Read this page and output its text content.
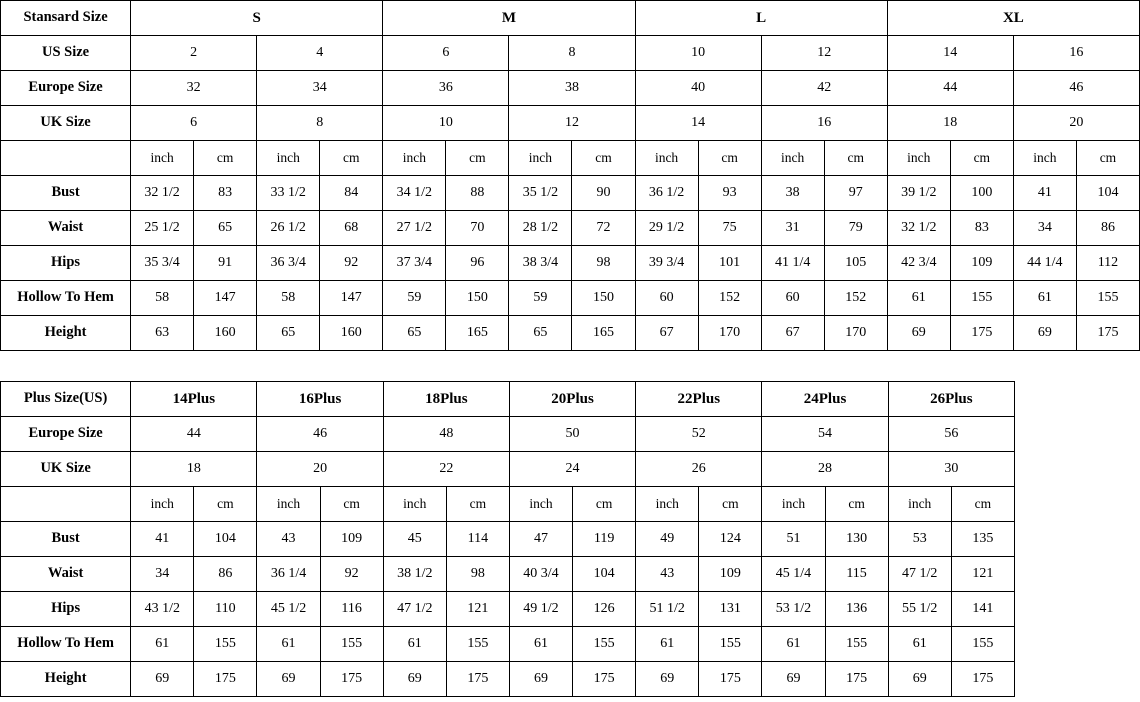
Stansard Size	S				M				L				XL			
US Size	2		4		6		8		10		12		14		16	
Europe Size	32		34		36		38		40		42		44		46	
UK Size	6		8		10		12		14		16		18		20	
	inch	cm	inch	cm	inch	cm	inch	cm	inch	cm	inch	cm	inch	cm	inch	cm
Bust	32 1/2	83	33 1/2	84	34 1/2	88	35 1/2	90	36 1/2	93	38	97	39 1/2	100	41	104
Waist	25 1/2	65	26 1/2	68	27 1/2	70	28 1/2	72	29 1/2	75	31	79	32 1/2	83	34	86
Hips	35 3/4	91	36 3/4	92	37 3/4	96	38 3/4	98	39 3/4	101	41 1/4	105	42 3/4	109	44 1/4	112
Hollow To Hem	58	147	58	147	59	150	59	150	60	152	60	152	61	155	61	155
Height	63	160	65	160	65	165	65	165	67	170	67	170	69	175	69	175
Plus Size(US)	14Plus		16Plus		18Plus		20Plus		22Plus		24Plus		26Plus	
Europe Size	44		46		48		50		52		54		56	
UK Size	18		20		22		24		26		28		30	
	inch	cm	inch	cm	inch	cm	inch	cm	inch	cm	inch	cm	inch	cm
Bust	41	104	43	109	45	114	47	119	49	124	51	130	53	135
Waist	34	86	36 1/4	92	38 1/2	98	40 3/4	104	43	109	45 1/4	115	47 1/2	121
Hips	43 1/2	110	45 1/2	116	47 1/2	121	49 1/2	126	51 1/2	131	53 1/2	136	55 1/2	141
Hollow To Hem	61	155	61	155	61	155	61	155	61	155	61	155	61	155
Height	69	175	69	175	69	175	69	175	69	175	69	175	69	175
